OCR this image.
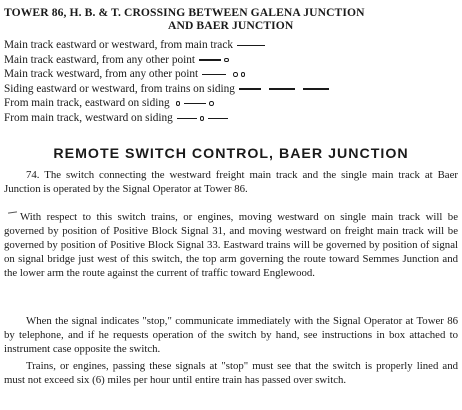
TOWER 86, H. B. & T. CROSSING BETWEEN GALENA JUNCTION
AND BAER JUNCTION
Main track eastward or westward, from main track
Main track eastward, from any other point
Main track westward, from any other point
Siding eastward or westward, from trains on siding
From main track, eastward on siding
From main track, westward on siding
REMOTE SWITCH CONTROL, BAER JUNCTION

74. The switch connecting the westward freight main track and the single main track at Baer Junction is operated by the Signal Operator at Tower 86.

With respect to this switch trains, or engines, moving westward on single main track will be governed by position of Positive Block Signal 31, and moving westward on freight main track will be governed by position of Positive Block Signal 33. Eastward trains will be governed by position of signal on signal bridge just west of this switch, the top arm governing the route toward Semmes Junction and the lower arm the route against the current of traffic toward Englewood.

When the signal indicates "stop," communicate immediately with the Signal Operator at Tower 86 by telephone, and if he requests operation of the switch by hand, see instructions in box attached to instrument case opposite the switch.

Trains, or engines, passing these signals at "stop" must see that the switch is properly lined and must not exceed six (6) miles per hour until entire train has passed over switch.
